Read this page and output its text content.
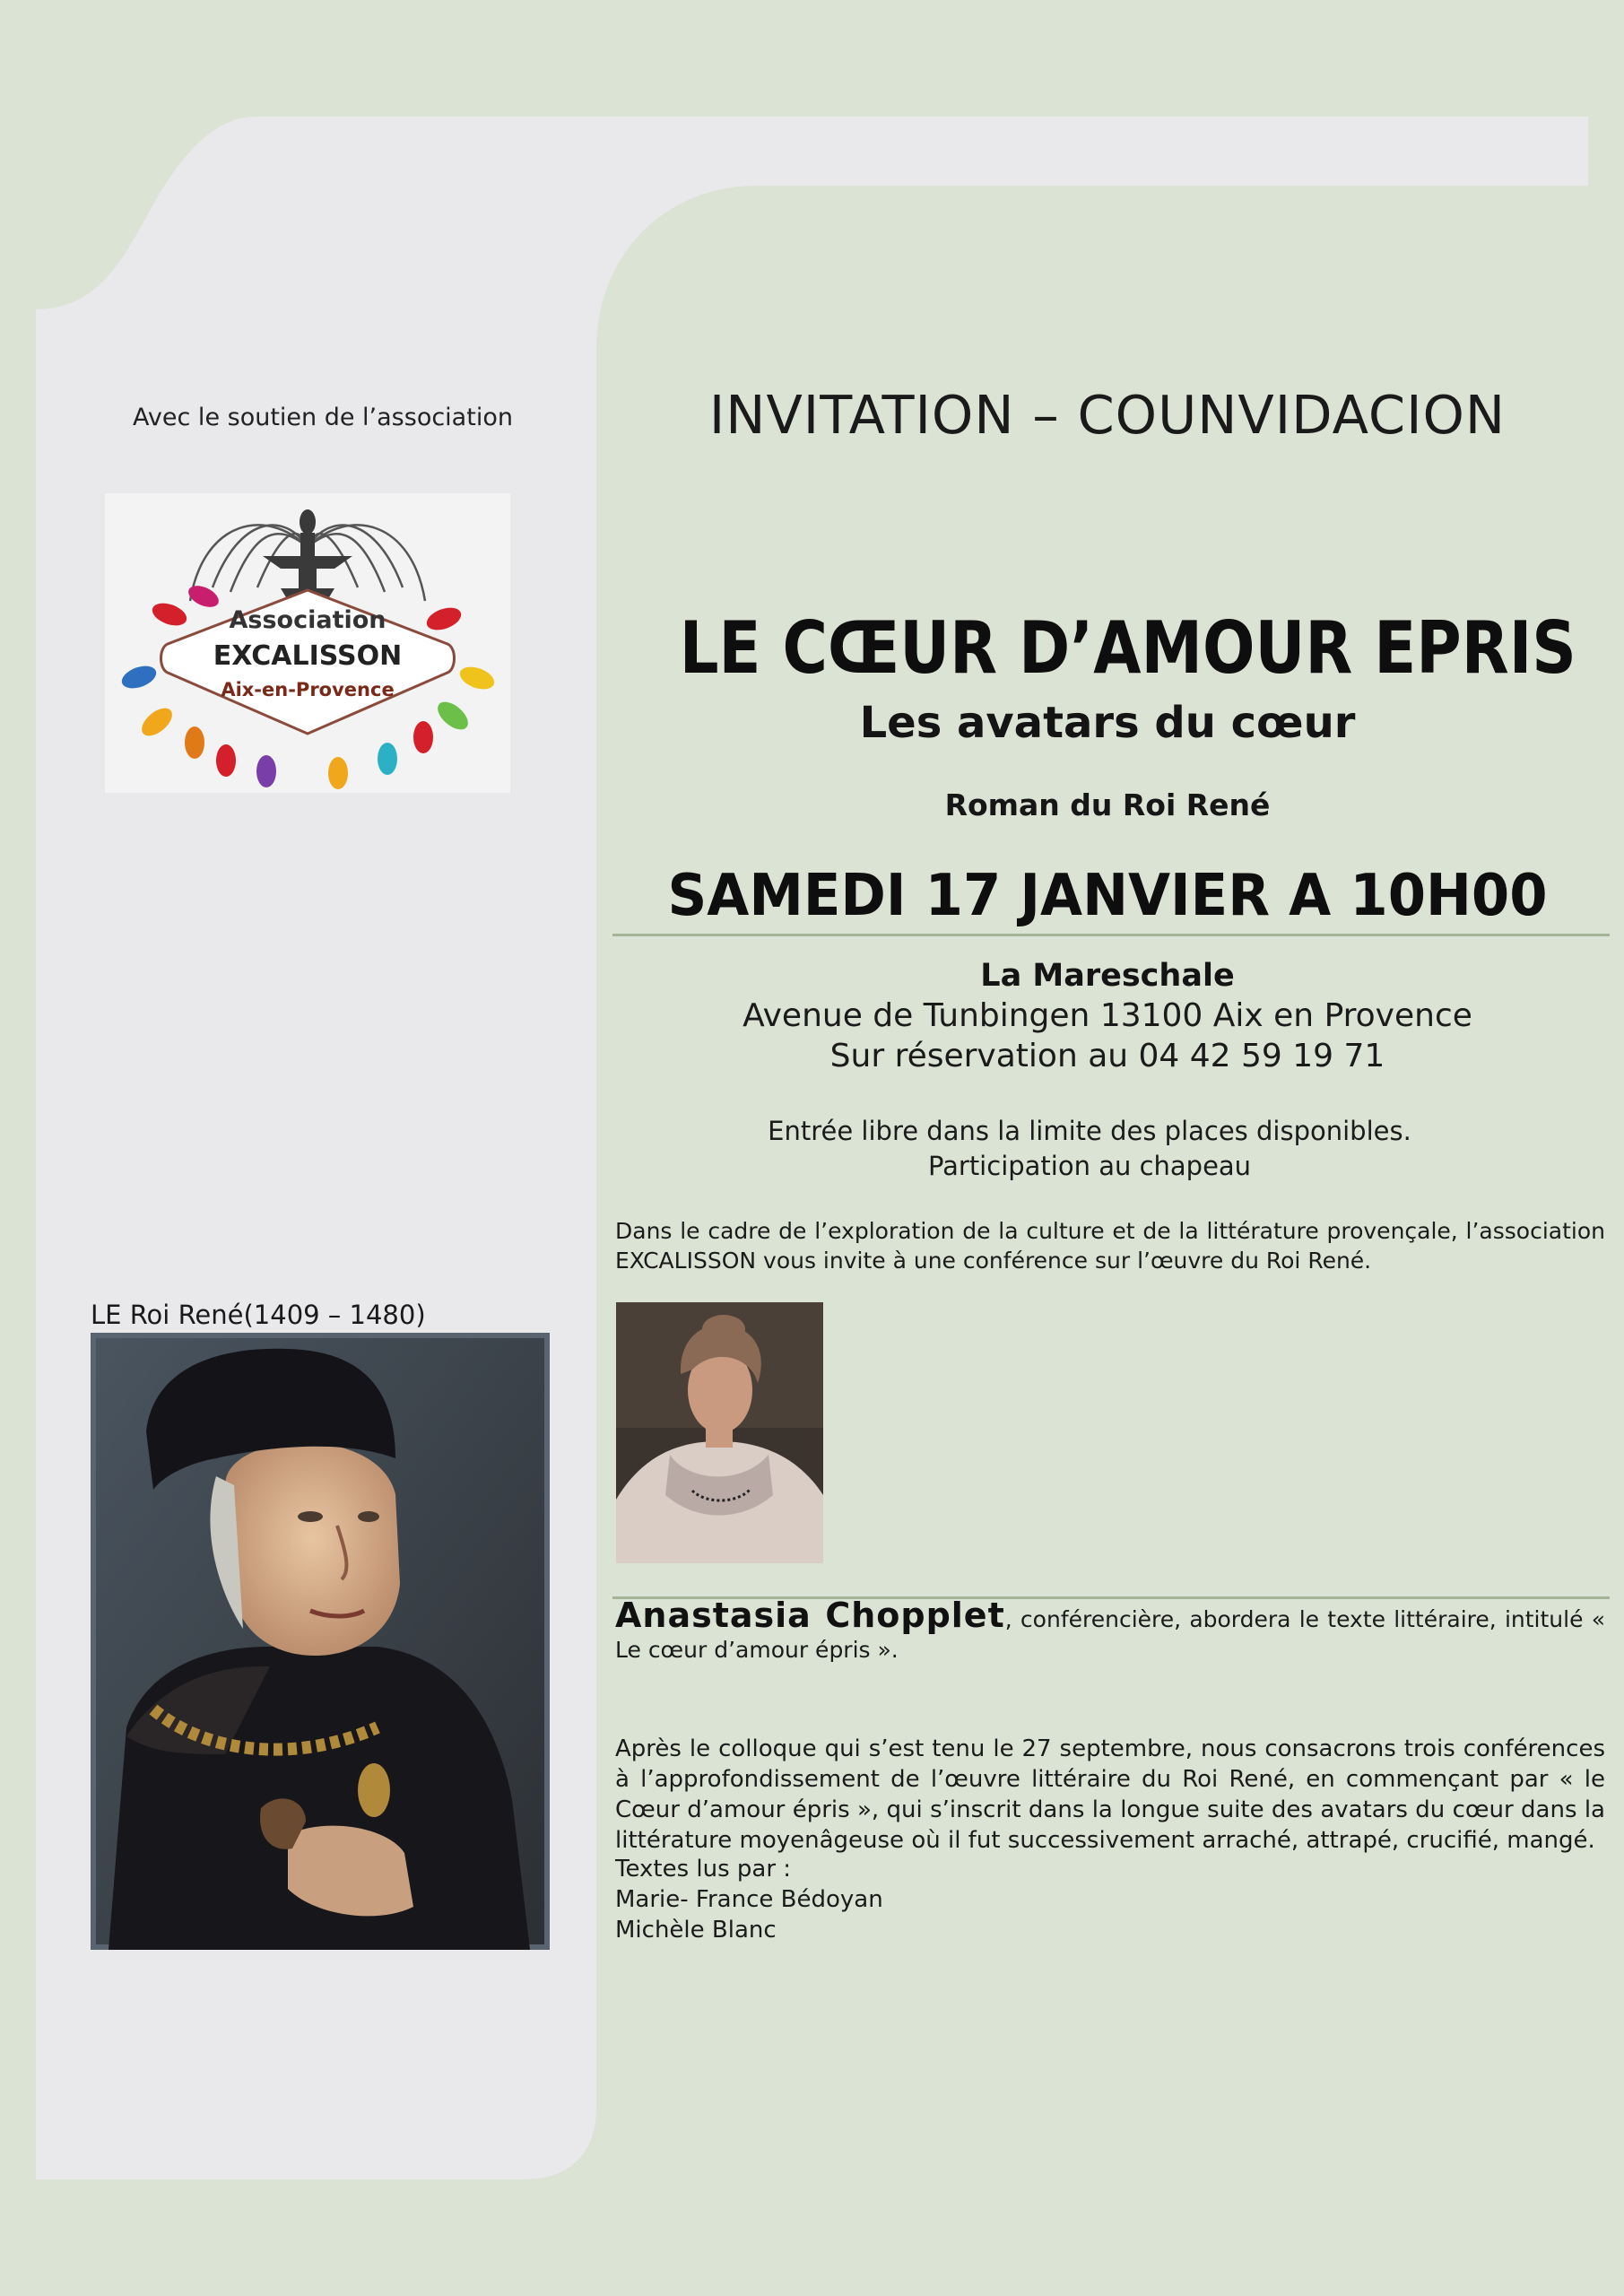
Avec le soutien de l’association
Association
EXCALISSON
Aix-en-Provence
LE Roi René(1409 – 1480)
INVITATION – COUNVIDACION
LE CŒUR D’AMOUR EPRIS
Les avatars du cœur
Roman du Roi René
SAMEDI 17 JANVIER A 10H00
La Mareschale
Avenue de Tunbingen 13100 Aix en Provence
Sur réservation au 04 42 59 19 71
Entrée libre dans la limite des places disponibles.
Participation au chapeau
Dans le cadre de l’exploration de la culture et de la littérature provençale, l’association EXCALISSON vous invite à une conférence sur l’œuvre du Roi René.
Anastasia Chopplet, conférencière, abordera le texte littéraire, intitulé « Le cœur d’amour épris ».
Après le colloque qui s’est tenu le 27 septembre, nous consacrons trois conférences à l’approfondissement de l’œuvre littéraire du Roi René, en commençant par « le Cœur d’amour épris », qui s’inscrit dans la longue suite des avatars du cœur dans la littérature moyenâgeuse où il fut successivement arraché, attrapé, crucifié, mangé.
Textes lus par :
Marie- France Bédoyan
Michèle Blanc
